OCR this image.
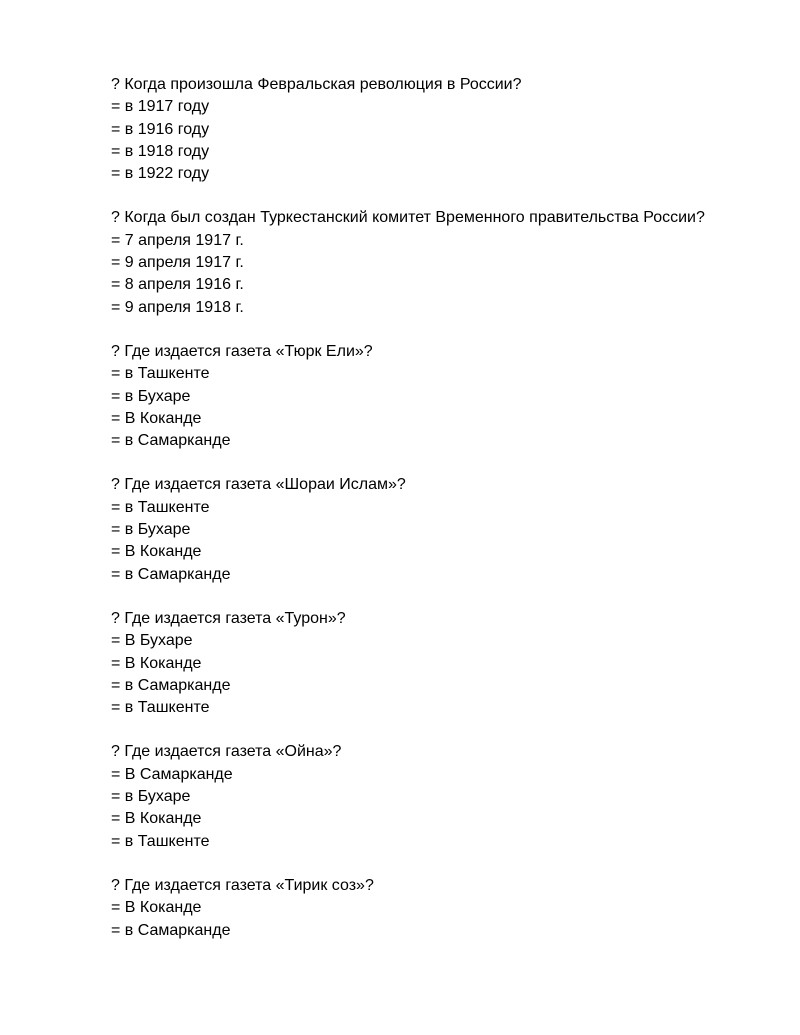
? Когда произошла Февральская революция в России?
= в 1917 году
= в 1916 году
= в 1918 году
= в 1922 году
? Когда был создан Туркестанский комитет Временного правительства России?
= 7 апреля 1917 г.
= 9 апреля 1917 г.
= 8 апреля 1916 г.
= 9 апреля 1918 г.
? Где издается газета «Тюрк Ели»?
= в Ташкенте
= в Бухаре
= В Коканде
= в Самарканде
? Где издается газета «Шораи Ислам»?
= в Ташкенте
= в Бухаре
= В Коканде
= в Самарканде
? Где издается газета «Турон»?
= В Бухаре
= В Коканде
= в Самарканде
= в Ташкенте
? Где издается газета «Ойна»?
= В Самарканде
= в Бухаре
= В Коканде
= в Ташкенте
? Где издается газета «Тирик соз»?
= В Коканде
= в Самарканде
